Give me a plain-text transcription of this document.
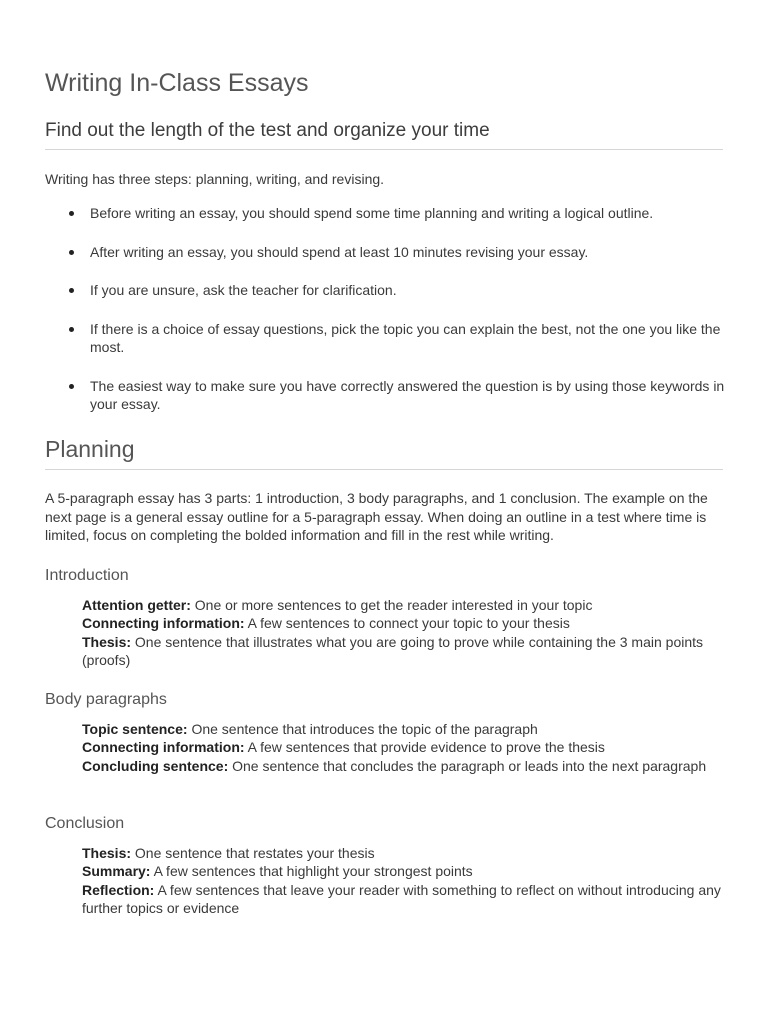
Writing In-Class Essays
Find out the length of the test and organize your time

Writing has three steps: planning, writing, and revising.

Before writing an essay, you should spend some time planning and writing a logical outline.
After writing an essay, you should spend at least 10 minutes revising your essay.
If you are unsure, ask the teacher for clarification.
If there is a choice of essay questions, pick the topic you can explain the best, not the one you like the most.
The easiest way to make sure you have correctly answered the question is by using those keywords in your essay.
Planning

A 5-paragraph essay has 3 parts: 1 introduction, 3 body paragraphs, and 1 conclusion. The example on the next page is a general essay outline for a 5-paragraph essay. When doing an outline in a test where time is limited, focus on completing the bolded information and fill in the rest while writing.

Introduction
Attention getter: One or more sentences to get the reader interested in your topic
Connecting information: A few sentences to connect your topic to your thesis
Thesis: One sentence that illustrates what you are going to prove while containing the 3 main points (proofs)
Body paragraphs
Topic sentence: One sentence that introduces the topic of the paragraph
Connecting information: A few sentences that provide evidence to prove the thesis
Concluding sentence: One sentence that concludes the paragraph or leads into the next paragraph
Conclusion
Thesis: One sentence that restates your thesis
Summary: A few sentences that highlight your strongest points
Reflection: A few sentences that leave your reader with something to reflect on without introducing any further topics or evidence
